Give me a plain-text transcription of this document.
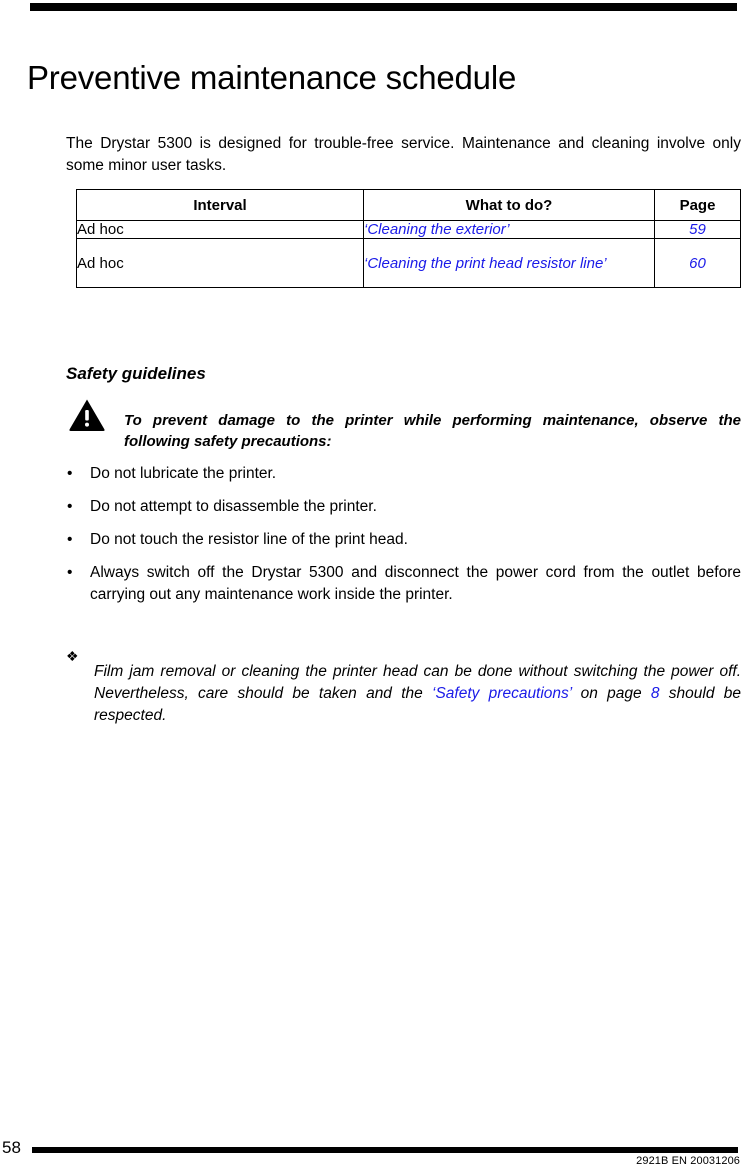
Preventive maintenance schedule

The Drystar 5300 is designed for trouble-free service. Maintenance and cleaning involve only some minor user tasks.

Interval	What to do?	Page
Ad hoc	‘Cleaning the exterior’	59
Ad hoc	‘Cleaning the print head resistor line’	60
Safety guidelines

To prevent damage to the printer while performing maintenance, observe the following safety precautions:

• Do not lubricate the printer.
• Do not attempt to disassemble the printer.
• Do not touch the resistor line of the print head.
• Always switch off the Drystar 5300 and disconnect the power cord from the outlet before carrying out any maintenance work inside the printer.
❖

Film jam removal or cleaning the printer head can be done without switching the power off. Nevertheless, care should be taken and the ‘Safety precautions’ on page 8 should be respected.

58
2921B EN 20031206
